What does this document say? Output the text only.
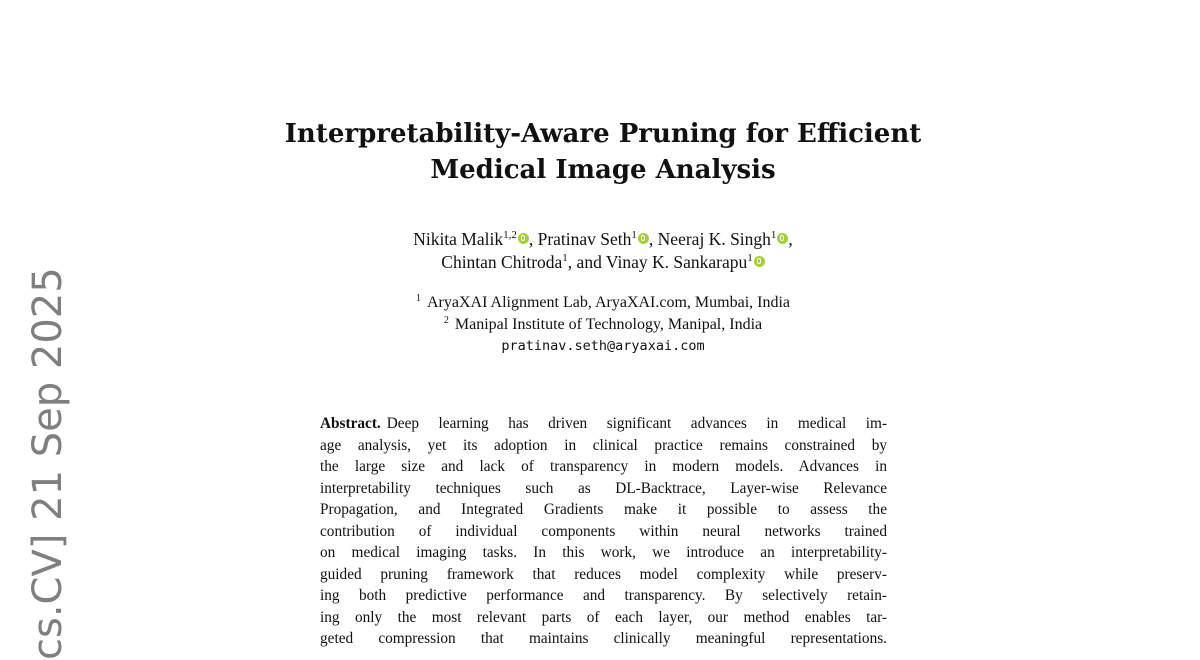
cs.CV] 21 Sep 2025
Interpretability-Aware Pruning for Efficient
Medical Image Analysis
Nikita Malik$^{1,2}$ , Pratinav Seth$^1$ , Neeraj K. Singh$^1$ ,
Chintan Chitroda$^1$, and Vinay K. Sankarapu$^1$
$^1$ AryaXAI Alignment Lab, AryaXAI.com, Mumbai, India
$^2$ Manipal Institute of Technology, Manipal, India
pratinav.seth@aryaxai.com
Abstract. Deep learning has driven significant advances in medical im-
age analysis, yet its adoption in clinical practice remains constrained by
the large size and lack of transparency in modern models. Advances in
interpretability techniques such as DL-Backtrace, Layer-wise Relevance
Propagation, and Integrated Gradients make it possible to assess the
contribution of individual components within neural networks trained
on medical imaging tasks. In this work, we introduce an interpretability-
guided pruning framework that reduces model complexity while preserv-
ing both predictive performance and transparency. By selectively retain-
ing only the most relevant parts of each layer, our method enables tar-
geted compression that maintains clinically meaningful representations.
